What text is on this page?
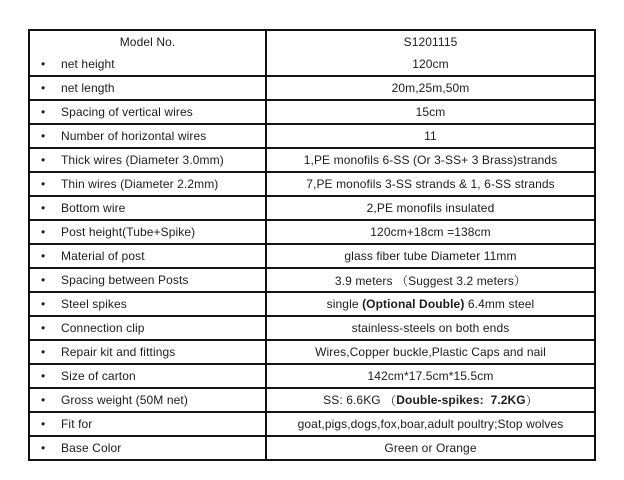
Model No.	S1201115
•	net height	120cm
•	net length	20m,25m,50m
•	Spacing of vertical wires	15cm
•	Number of horizontal wires	11
•	Thick wires (Diameter 3.0mm)	1,PE monofils 6-SS (Or 3-SS+ 3 Brass)strands
•	Thin wires (Diameter 2.2mm)	7,PE monofils 3-SS strands & 1, 6-SS strands
•	Bottom wire	2,PE monofils insulated
•	Post height(Tube+Spike)	120cm+18cm =138cm
•	Material of post	glass fiber tube Diameter 11mm
•	Spacing between Posts	3.9 meters （Suggest 3.2 meters）
•	Steel spikes	single (Optional Double) 6.4mm steel
•	Connection clip	stainless-steels on both ends
•	Repair kit and fittings	Wires,Copper buckle,Plastic Caps and nail
•	Size of carton	142cm*17.5cm*15.5cm
•	Gross weight (50M net)	SS: 6.6KG （ Double-spikes:  7.2KG ）
•	Fit for	goat,pigs,dogs,fox,boar,adult poultry;Stop wolves
•	Base Color	Green or Orange
